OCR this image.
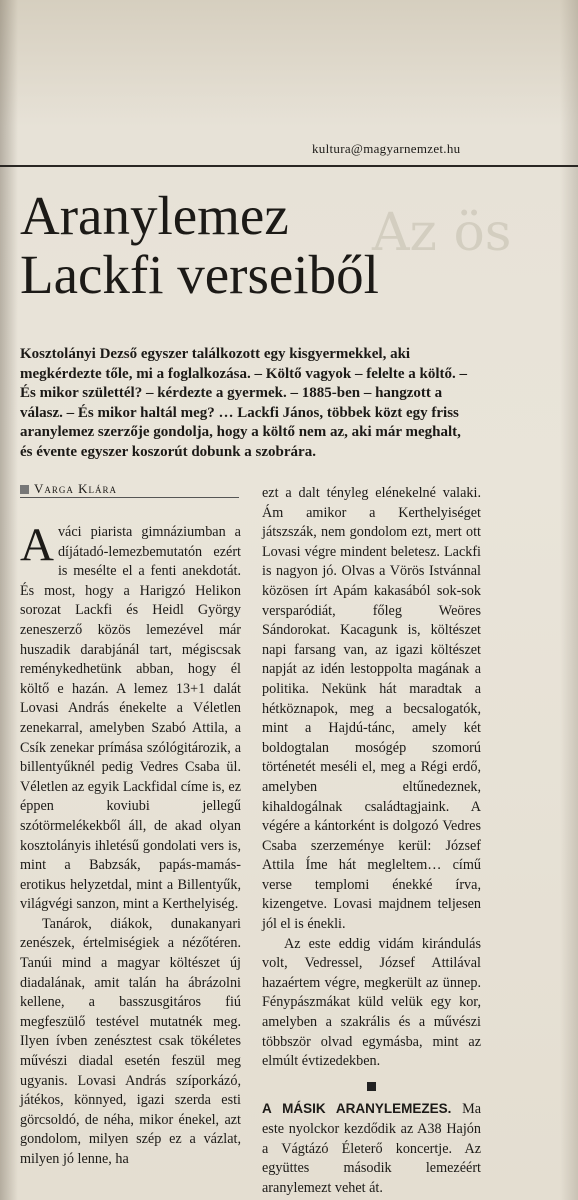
kultura@magyarnemzet.hu
Az ös
Aranylemez
Lackfi verseiből

Kosztolányi Dezső egyszer találkozott egy kisgyermekkel, aki megkérdezte tőle, mi a foglalkozása. – Költő vagyok – felelte a költő. – És mikor születtél? – kérdezte a gyermek. – 1885-ben – hangzott a válasz. – És mikor haltál meg? … Lackfi János, többek közt egy friss aranylemez szerzője gondolja, hogy a költő nem az, aki már meghalt, és évente egyszer koszorút dobunk a szobrára.

Varga Klára

A váci piarista gimnáziumban a díjátadó-lemezbemutatón ezért is mesélte el a fenti anekdotát. És most, hogy a Harigzó Helikon sorozat Lackfi és Heidl György zeneszerző közös lemezével már huszadik darabjánál tart, mégiscsak reménykedhetünk abban, hogy él költő e hazán. A lemez 13+1 dalát Lovasi András énekelte a Véletlen zenekarral, amelyben Szabó Attila, a Csík zenekar prímása szólógitározik, a billentyűknél pedig Vedres Csaba ül. Véletlen az egyik Lackfidal címe is, ez éppen koviubi jellegű szótörmelékekből áll, de akad olyan kosztolányis ihletésű gondolati vers is, mint a Babzsák, papás-mamás-erotikus helyzetdal, mint a Billentyűk, világvégi sanzon, mint a Kerthelyiség.

Tanárok, diákok, dunakanyari zenészek, értelmiségiek a nézőtéren. Tanúi mind a magyar költészet új diadalának, amit talán ha ábrázolni kellene, a basszusgitáros fiú megfeszülő testével mutatnék meg. Ilyen ívben zenésztest csak tökéletes művészi diadal esetén feszül meg ugyanis. Lovasi András szíporkázó, játékos, könnyed, igazi szerda esti görcsoldó, de néha, mikor énekel, azt gondolom, milyen szép ez a vázlat, milyen jó lenne, ha

ezt a dalt tényleg elénekelné valaki. Ám amikor a Kerthelyiséget játszszák, nem gondolom ezt, mert ott Lovasi végre mindent beletesz. Lackfi is nagyon jó. Olvas a Vörös Istvánnal közösen írt Apám kakasából sok-sok versparódiát, főleg Weöres Sándorokat. Kacagunk is, költészet napi farsang van, az igazi költészet napját az idén lestoppolta magának a politika. Nekünk hát maradtak a hétköznapok, meg a becsalogatók, mint a Hajdú-tánc, amely két boldogtalan mosógép szomorú történetét meséli el, meg a Régi erdő, amelyben eltűnedeznek, kihaldogálnak családtagjaink. A végére a kántorként is dolgozó Vedres Csaba szerzeménye kerül: József Attila Íme hát megleltem… című verse templomi énekké írva, kizengetve. Lovasi majdnem teljesen jól el is énekli.

Az este eddig vidám kirándulás volt, Vedressel, József Attilával hazaértem végre, megkerült az ünnep. Fénypászmákat küld velük egy kor, amelyben a szakrális és a művészi többször olvad egymásba, mint az elmúlt évtizedekben.

A MÁSIK ARANYLEMEZES. Ma este nyolckor kezdődik az A38 Hajón a Vágtázó Életerő koncertje. Az együttes második lemezéért aranylemezt vehet át.
